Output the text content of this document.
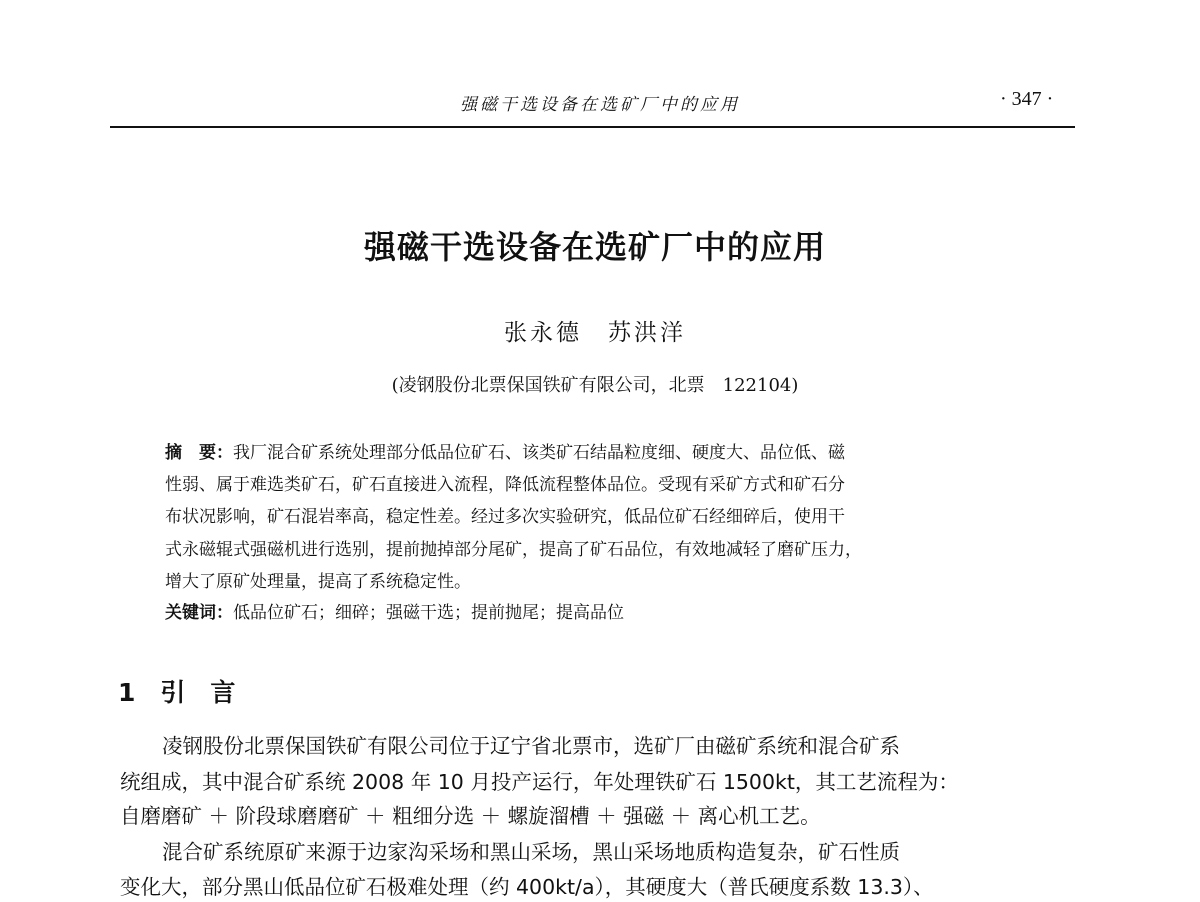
强磁干选设备在选矿厂中的应用	· 347 ·
强磁干选设备在选矿厂中的应用
张永德　苏洪洋
(凌钢股份北票保国铁矿有限公司，北票　122104)
摘　要：我厂混合矿系统处理部分低品位矿石、该类矿石结晶粒度细、硬度大、品位低、磁
性弱、属于难选类矿石，矿石直接进入流程，降低流程整体品位。受现有采矿方式和矿石分
布状况影响，矿石混岩率高，稳定性差。经过多次实验研究，低品位矿石经细碎后，使用干
式永磁辊式强磁机进行选别，提前抛掉部分尾矿，提高了矿石品位，有效地减轻了磨矿压力，
增大了原矿处理量，提高了系统稳定性。
关键词：低品位矿石；细碎；强磁干选；提前抛尾；提高品位
1　引　言
凌钢股份北票保国铁矿有限公司位于辽宁省北票市，选矿厂由磁矿系统和混合矿系
统组成，其中混合矿系统 2008 年 10 月投产运行，年处理铁矿石 1500kt，其工艺流程为：
自磨磨矿 ＋ 阶段球磨磨矿 ＋ 粗细分选 ＋ 螺旋溜槽 ＋ 强磁 ＋ 离心机工艺。
混合矿系统原矿来源于边家沟采场和黑山采场，黑山采场地质构造复杂，矿石性质
变化大，部分黑山低品位矿石极难处理（约 400kt/a），其硬度大（普氏硬度系数 13.3）、
